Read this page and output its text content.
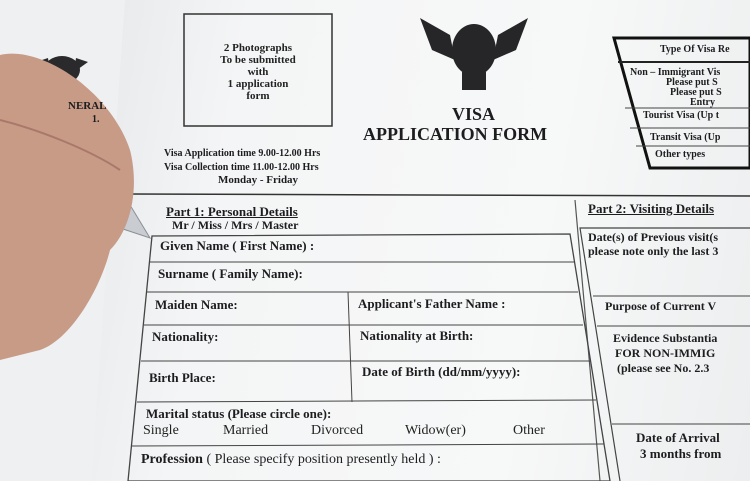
NERAL
1.
2 Photographs
To be submitted
with
1 application
form
VISA
APPLICATION FORM
Visa Application time 9.00-12.00 Hrs
Visa Collection time 11.00-12.00 Hrs
Monday - Friday
Type Of Visa Re
Non – Immigrant Vis
Please put S
Please put S
Entry
Tourist Visa (Up t
Transit Visa (Up
Other types
Part 1: Personal Details
Mr / Miss / Mrs / Master
Given Name ( First Name) :
Surname ( Family Name):
Maiden Name:	Applicant's Father Name :
Nationality:	Nationality at Birth:
Birth Place:	Date of Birth (dd/mm/yyyy):
Marital status (Please circle one):
Single	Married	Divorced	Widow(er)	Other
Profession ( Please specify position presently held ) :
Part 2: Visiting Details
Date(s) of Previous visit(s
please note only the last 3
Purpose of Current V
Evidence Substantia
FOR NON-IMMIG
(please see No. 2.3
Date of Arrival
3 months from
